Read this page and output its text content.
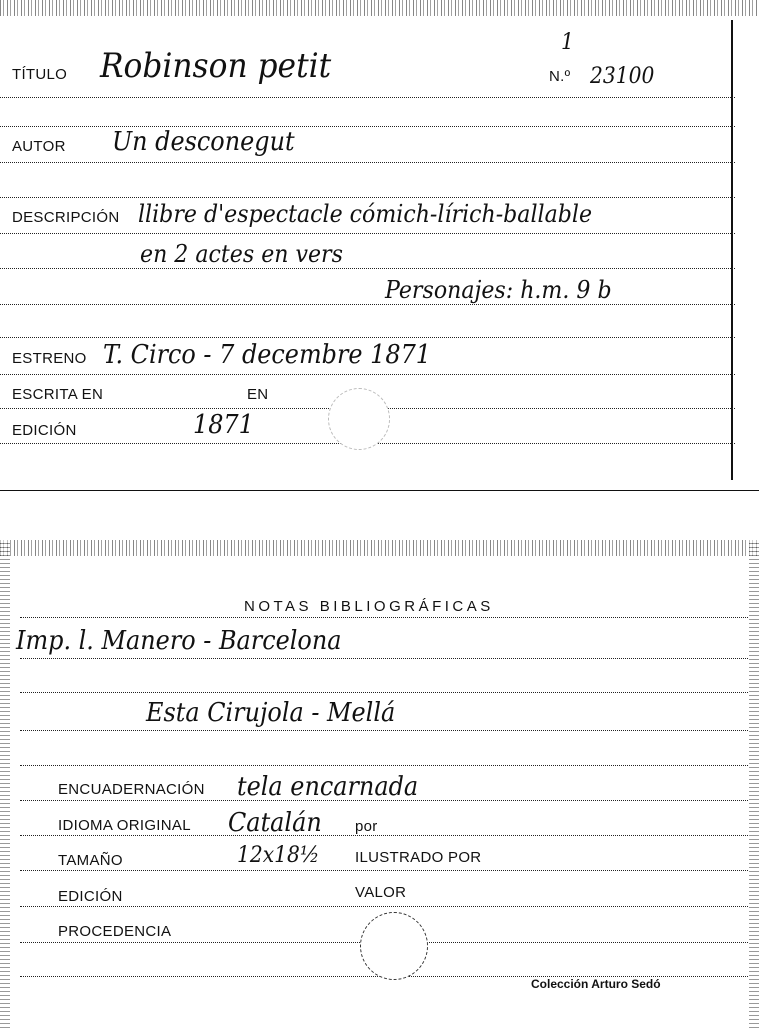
TÍTULO Robinson petit
1
N.º 23100
AUTOR Un desconegut
DESCRIPCIÓN llibre d'espectacle cómich-lírich-ballable
en 2 actes en vers
Personajes: h.m. 9 b
ESTRENO T. Circo - 7 decembre 1871
ESCRITA EN	EN
EDICIÓN	1871
NOTAS BIBLIOGRÁFICAS
Imp. l. Manero - Barcelona
Esta Cirujola - Mellá
ENCUADERNACIÓN tela encarnada
IDIOMA ORIGINAL Catalán por
TAMAÑO	12x18½ ILUSTRADO POR
EDICIÓN	VALOR
PROCEDENCIA
Colección Arturo Sedó
